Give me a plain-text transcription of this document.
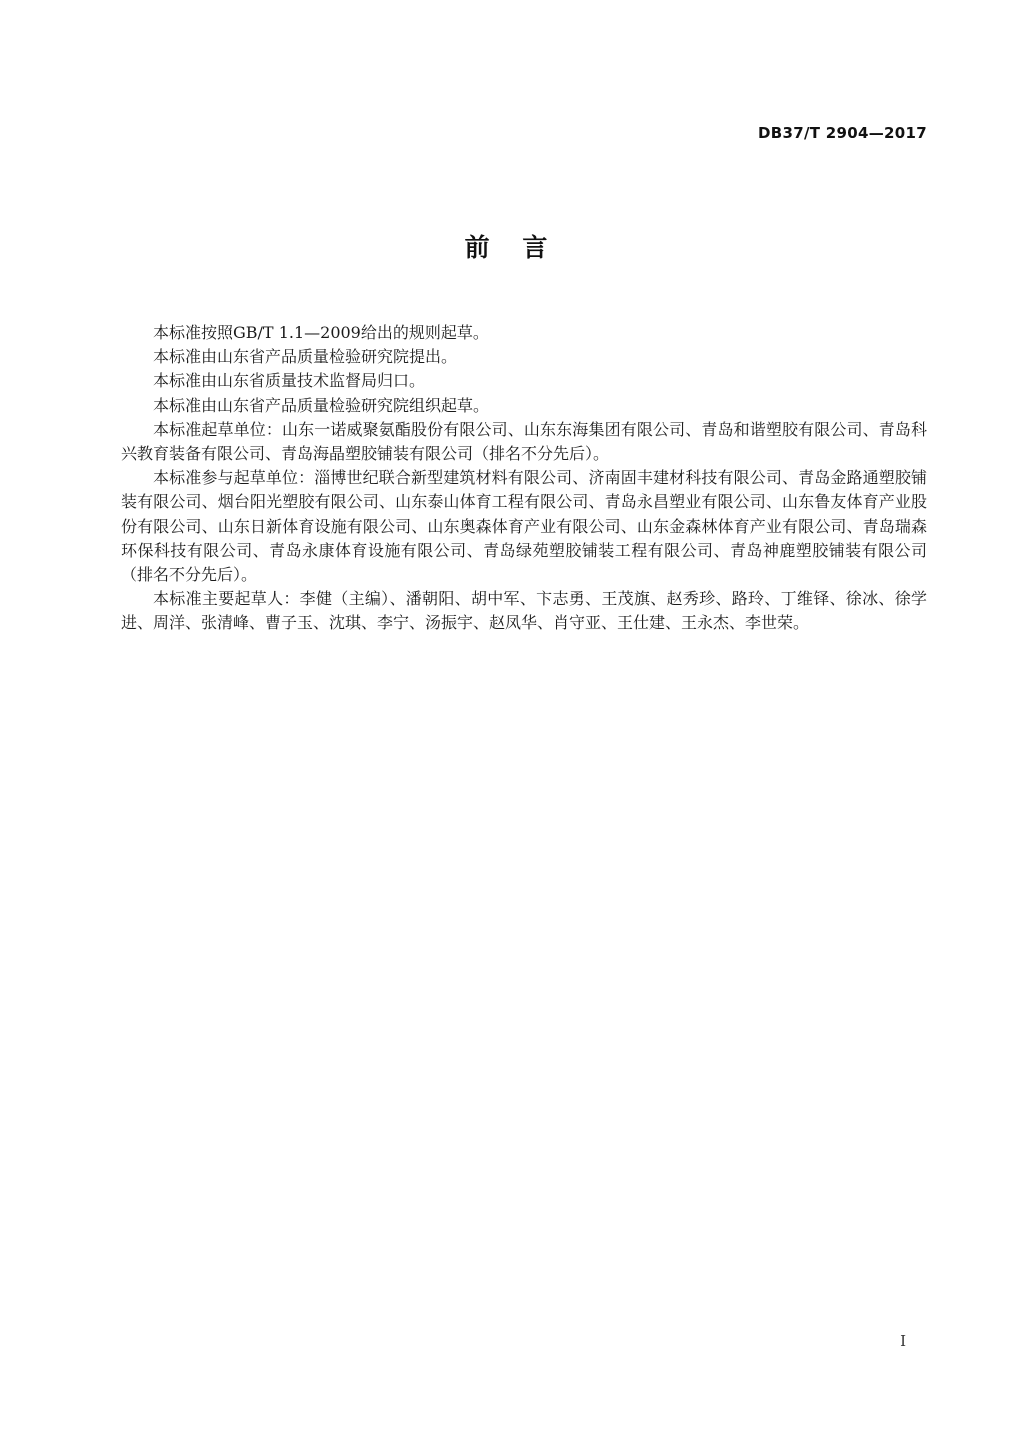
DB37/T 2904—2017
前 言

本标准按照GB/T 1.1—2009给出的规则起草。

本标准由山东省产品质量检验研究院提出。

本标准由山东省质量技术监督局归口。

本标准由山东省产品质量检验研究院组织起草。

本标准起草单位：山东一诺威聚氨酯股份有限公司、山东东海集团有限公司、青岛和谐塑胶有限公司、青岛科兴教育装备有限公司、青岛海晶塑胶铺装有限公司（排名不分先后）。

本标准参与起草单位：淄博世纪联合新型建筑材料有限公司、济南固丰建材科技有限公司、青岛金路通塑胶铺装有限公司、烟台阳光塑胶有限公司、山东泰山体育工程有限公司、青岛永昌塑业有限公司、山东鲁友体育产业股份有限公司、山东日新体育设施有限公司、山东奥森体育产业有限公司、山东金森林体育产业有限公司、青岛瑞森环保科技有限公司、青岛永康体育设施有限公司、青岛绿苑塑胶铺装工程有限公司、青岛神鹿塑胶铺装有限公司（排名不分先后）。

本标准主要起草人：李健（主编）、潘朝阳、胡中军、卞志勇、王茂旗、赵秀珍、路玲、丁维铎、徐冰、徐学进、周洋、张清峰、曹子玉、沈琪、李宁、汤振宇、赵凤华、肖守亚、王仕建、王永杰、李世荣。

I
